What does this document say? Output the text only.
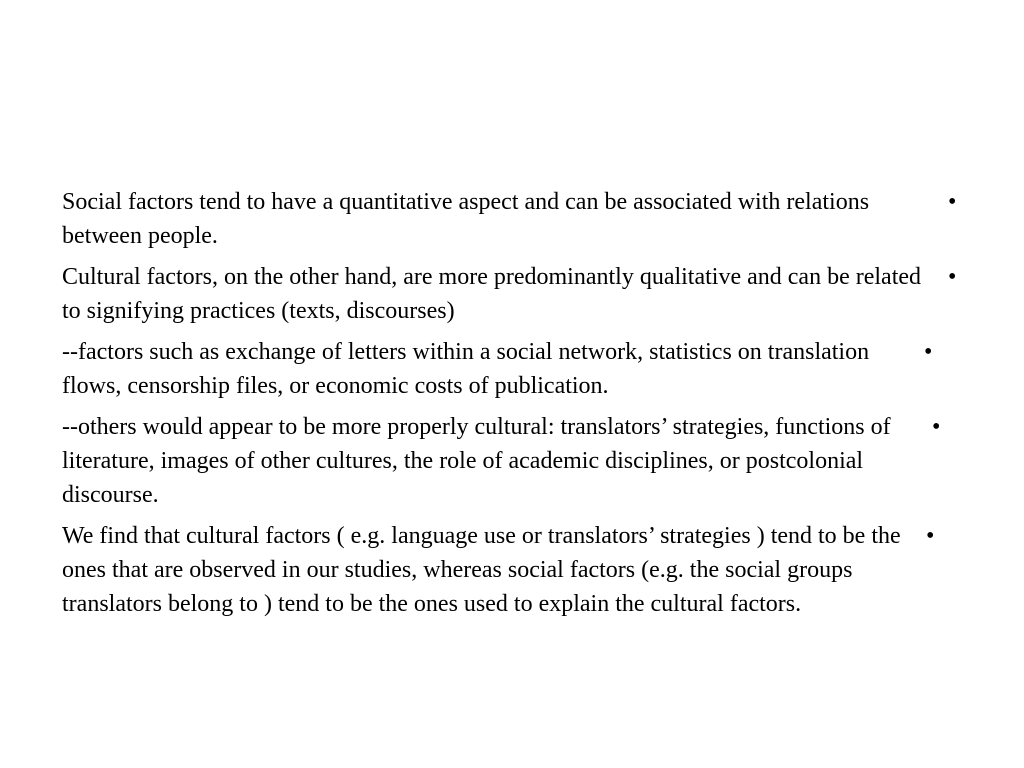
Social factors tend to have a quantitative aspect and can be associated with relations between people.
•
Cultural factors, on the other hand, are more predominantly qualitative and can be related to signifying practices (texts, discourses)
•
--factors such as exchange of letters within a social network, statistics on translation flows, censorship files, or economic costs of publication.
•
--others would appear to be more properly cultural: translators’ strategies, functions of literature, images of other cultures, the role of academic disciplines, or postcolonial discourse.
•
We find that cultural factors ( e.g. language use or translators’ strategies ) tend to be the ones that are observed in our studies, whereas social factors (e.g. the social groups translators belong to ) tend to be the ones used to explain the cultural factors.
•
